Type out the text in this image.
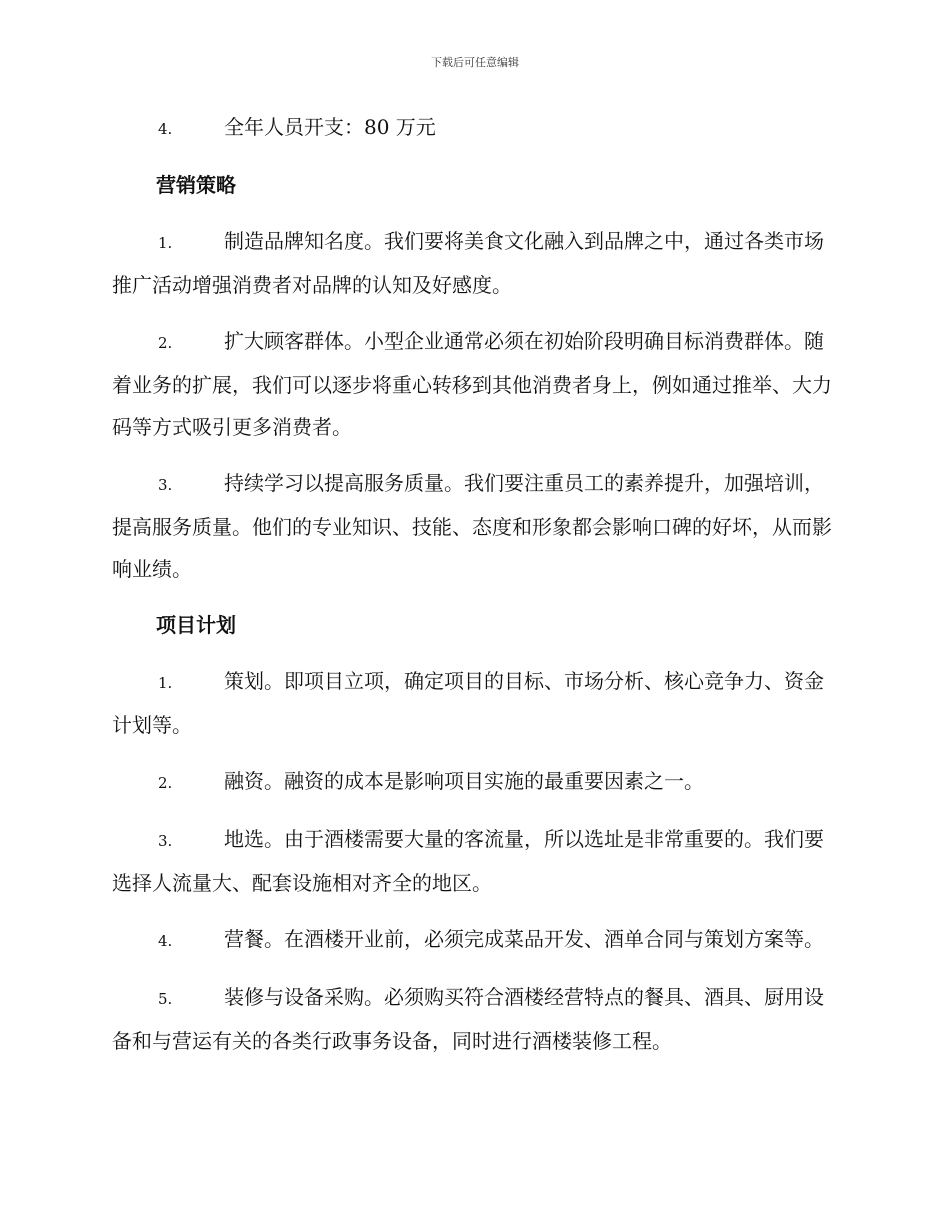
下载后可任意编辑

4.	全年人员开支：80 万元

营销策略

1.	制造品牌知名度。我们要将美食文化融入到品牌之中，通过各类市场推广活动增强消费者对品牌的认知及好感度。

2.	扩大顾客群体。小型企业通常必须在初始阶段明确目标消费群体。随着业务的扩展，我们可以逐步将重心转移到其他消费者身上，例如通过推举、大力码等方式吸引更多消费者。

3.	持续学习以提高服务质量。我们要注重员工的素养提升，加强培训，提高服务质量。他们的专业知识、技能、态度和形象都会影响口碑的好坏，从而影响业绩。

项目计划

1.	策划。即项目立项，确定项目的目标、市场分析、核心竞争力、资金计划等。

2.	融资。融资的成本是影响项目实施的最重要因素之一。

3.	地选。由于酒楼需要大量的客流量，所以选址是非常重要的。我们要选择人流量大、配套设施相对齐全的地区。

4.	营餐。在酒楼开业前，必须完成菜品开发、酒单合同与策划方案等。

5.	装修与设备采购。必须购买符合酒楼经营特点的餐具、酒具、厨用设备和与营运有关的各类行政事务设备，同时进行酒楼装修工程。
